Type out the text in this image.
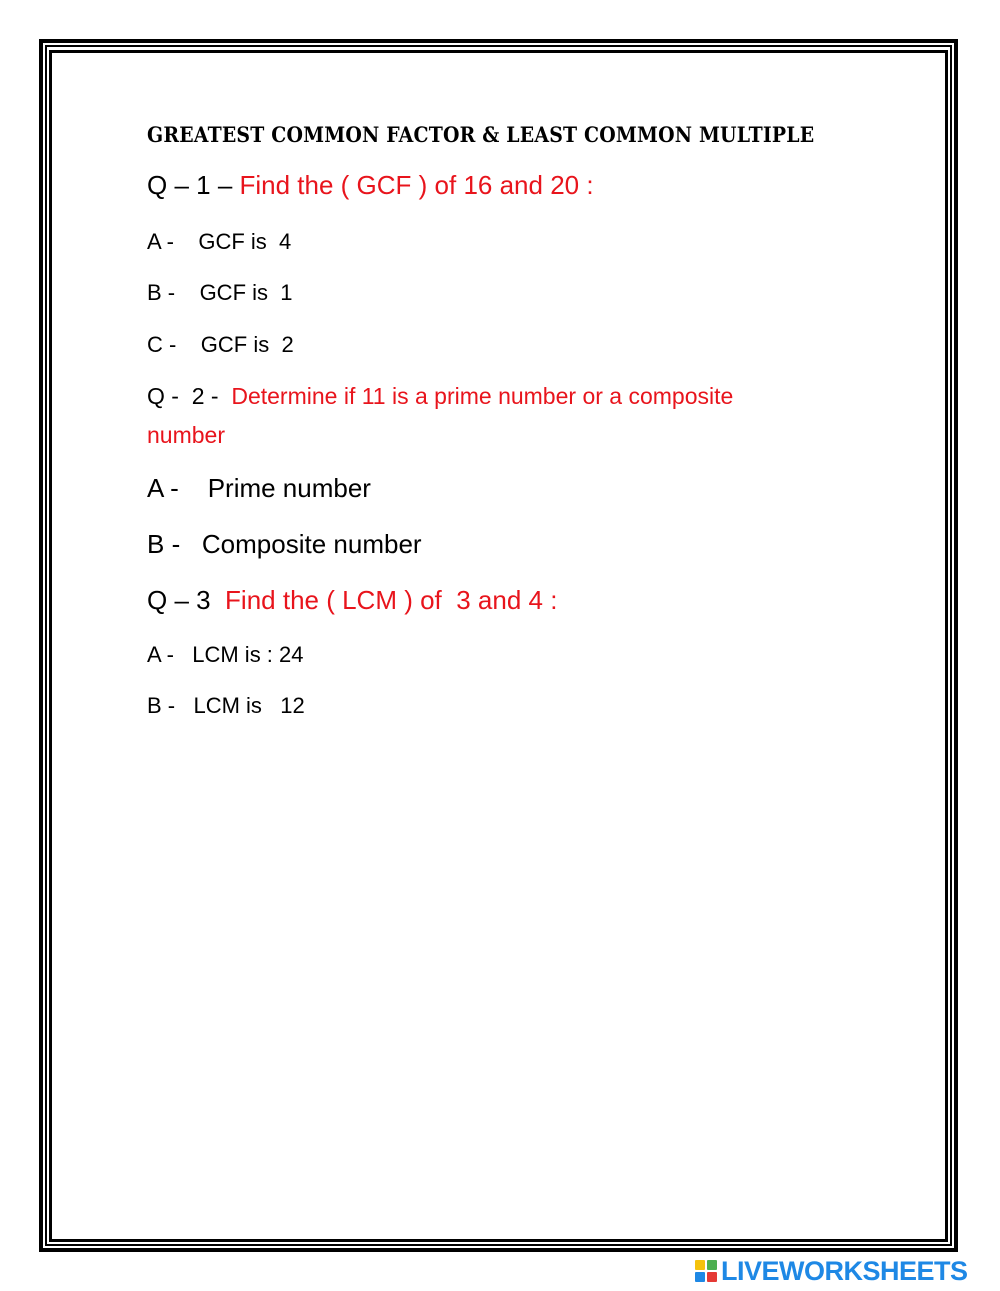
GREATEST COMMON FACTOR & LEAST COMMON MULTIPLE
Q – 1 – Find the ( GCF ) of 16 and 20 :
A -    GCF is  4
B -    GCF is  1
C -    GCF is  2
Q -  2 -  Determine if 11 is a prime number or a composite
number
A -    Prime number
B -   Composite number
Q – 3  Find the ( LCM ) of  3 and 4 :
A -   LCM is : 24
B -   LCM is   12
LIVEWORKSHEETS
